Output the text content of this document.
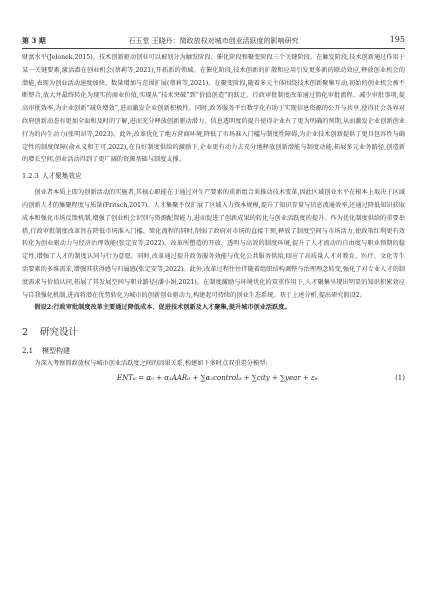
第 3 期	石玉堂 王晓丹：简政放权对城市创业活跃度的影响研究	195

财富水平(Jelonek,2015)。技术创新驱动创业可以被划分为触发阶段、催化阶段和聚变阶段三个关键阶段。在触发阶段,技术创新通过作用于某一关键要素,激活潜在创业机会(蔡莉等,2021),开拓新的领域。在催化阶段,技术创新的扩散和应用引发更多新的联动效应,释放创业机会的潜能,表现为创业活动速度加快、数量增加与范围扩展(蔡莉等,2021)。在聚变阶段,随着多元主体围绕技术创新聚集互动,初始的创业机会被不断整合,放大并最终转化为现实的商业价值,实现从“技术突破”到“价值创造”的跃迁。行政审批制度改革通过简化审批流程、减少审批事项,提高审批效率,为企业创新“减负增效”,进而激发企业创新积极性。同时,政务服务平台数字化有助于实现信息资源的公开与共享,使得社会各界对政府创新动态有更加全面和及时的了解,进而充分释放创新驱动潜力。信息透明度的提升使得企业有了更为明确的预期,从而激发企业创新创业行为的内生动力(张明昂等,2023)。此外,改革优化了地方营商环境,降低了市场准入门槛与制度性障碍,为企业技术创新提供了更具包容性与确定性的制度保障(俞永义和王可,2022),在良好制度供给的激励下,企业更有动力去充分地释放创新潜能与制度动能,拓展多元业务路径,创造新的增长空间,创业活动得到了更广阔的资源基础与制度支撑。

1.2.3 人才聚集效应

创业者本质上即为创新活动的实施者,其核心职能在于通过对生产要素的重新组合来推动技术变革,因此区域创业水平在根本上取决于区域内创新人才的集聚程度与质量(Fritsch,2017)。人才集聚不仅扩展了区域人力资本规模,提升了知识存量与信息流通效率,还通过降低知识获取成本和强化市场反馈机制,增强了创业机会识别与资源配置能力,进而促进了创新成果的转化与创业活跃度的提升。作为优化制度供给的重要举措,行政审批制度改革旨在降低市场准入门槛、简化流程的同时,削弱了政府对市场的直接干预,释放了制度空间与市场活力,使政策红利更有效转化为创业驱动力与经济治理效能(张定安等,2022)。改革所塑造的开放、透明与高效的制度环境,提升了人才流动的自由度与职业预期的稳定性,增强了人才的制度认同与行为意愿。同时,改革通过提升政务服务效能与优化公共服务供给,回应了高质量人才对教育、医疗、文化等生活要素的多维需求,增强其获得感与归属感(张定安等,2022)。此外,改革过程往往伴随着组织结构调整与治理理念转变,强化了对专业人才的制度需求与价值认同,拓展了其发展空间与职业路径(潘小娟,2021)。在制度激励与环境优化的双重作用下,人才聚集呈现出明显的知识积累效应与自我强化机制,进而将潜在优势转化为城市的创新创业驱动力,构建起可持续的创业生态系统。基于上述分析,提出研究假设2。

假设2:行政审批制度改革主要通过降低成本、促进技术创新及人才聚集,提升城市创业活跃度。

2 研究设计
2.1 模型构建

为深入考察简政放权与城市创业活跃度之间的因果关系,构建如下多时点双重差分模型:

ENTᵢₜ = α₀ + α₁AARᵢₜ + ∑α₂controlᵢₜ + ∑city + ∑year + εᵢₜ	(1)
